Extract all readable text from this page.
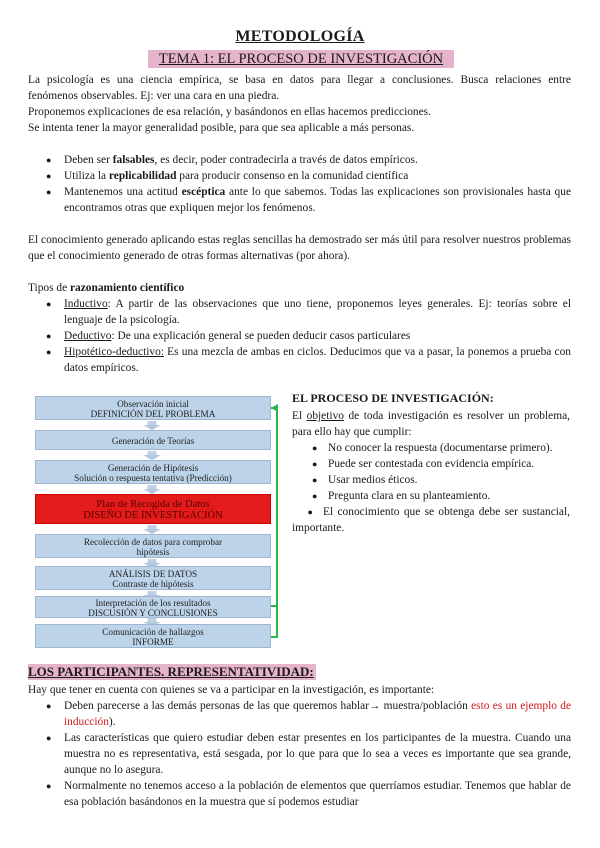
METODOLOGÍA
TEMA 1: EL PROCESO DE INVESTIGACIÓN
La psicología es una ciencia empírica, se basa en datos para llegar a conclusiones. Busca relaciones entre
fenómenos observables. Ej: ver una cara en una piedra.
Proponemos explicaciones de esa relación, y basándonos en ellas hacemos predicciones.
Se intenta tener la mayor generalidad posible, para que sea aplicable a más personas.
● Deben ser falsables, es decir, poder contradecirla a través de datos empíricos.
● Utiliza la replicabilidad para producir consenso en la comunidad científica
● Mantenemos una actitud escéptica ante lo que sabemos. Todas las explicaciones son provisionales hasta que encontramos otras que expliquen mejor los fenómenos.
El conocimiento generado aplicando estas reglas sencillas ha demostrado ser más útil para resolver nuestros problemas que el conocimiento generado de otras formas alternativas (por ahora).
Tipos de razonamiento científico
● Inductivo: A partir de las observaciones que uno tiene, proponemos leyes generales. Ej: teorías sobre el lenguaje de la psicología.
● Deductivo: De una explicación general se pueden deducir casos particulares
● Hipotético-deductivo: Es una mezcla de ambas en ciclos. Deducimos que va a pasar, la ponemos a prueba con datos empíricos.
Observación inicial
DEFINICIÓN DEL PROBLEMA
Generación de Teorías
Generación de Hipótesis
Solución o respuesta tentativa (Predicción)
Plan de Recogida de Datos
DISEÑO DE INVESTIGACIÓN
Recolección de datos para comprobar
hipótesis
ANÁLISIS DE DATOS
Contraste de hipótesis
Interpretación de los resultados
DISCUSIÓN Y CONCLUSIONES
Comunicación de hallazgos
INFORME
EL PROCESO DE INVESTIGACIÓN:
El objetivo de toda investigación es resolver un problema, para ello hay que cumplir:
● No conocer la respuesta (documentarse primero).
● Puede ser contestada con evidencia empírica.
● Usar medios éticos.
● Pregunta clara en su planteamiento.
● El conocimiento que se obtenga debe ser sustancial, importante.
LOS PARTICIPANTES. REPRESENTATIVIDAD:
Hay que tener en cuenta con quienes se va a participar en la investigación, es importante:
● Deben parecerse a las demás personas de las que queremos hablar→ muestra/población esto es un ejemplo de inducción).
● Las características que quiero estudiar deben estar presentes en los participantes de la muestra. Cuando una muestra no es representativa, está sesgada, por lo que para que lo sea a veces es importante que sea grande, aunque no lo asegura.
● Normalmente no tenemos acceso a la población de elementos que querríamos estudiar. Tenemos que hablar de esa población basándonos en la muestra que sí podemos estudiar
